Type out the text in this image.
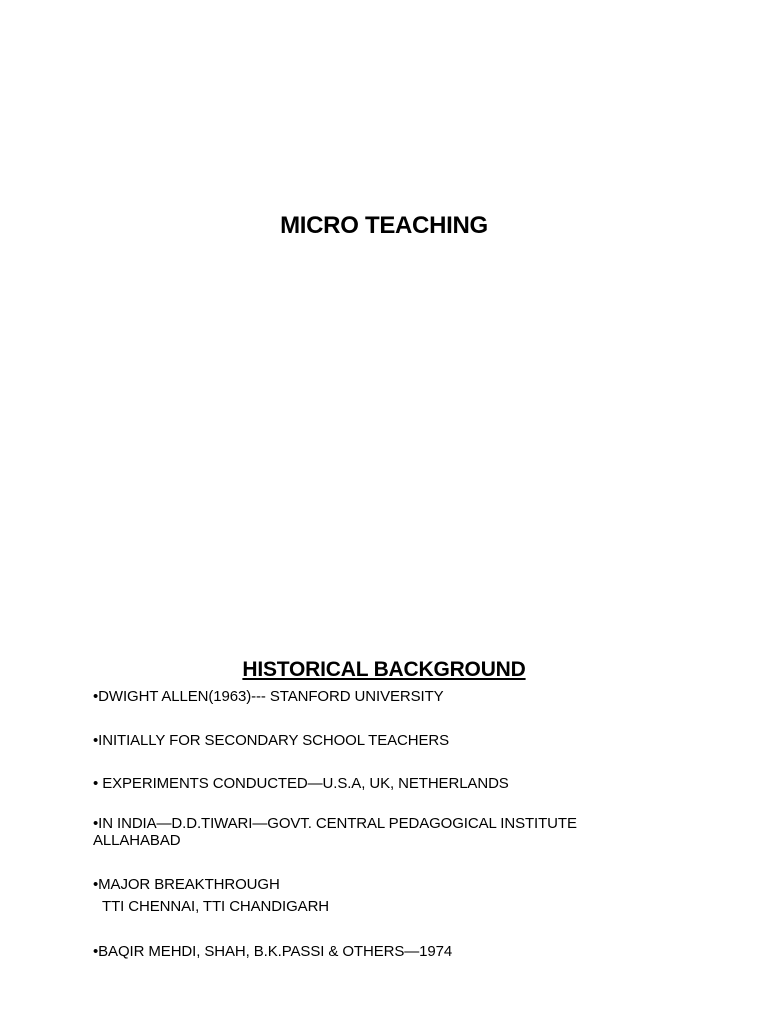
MICRO TEACHING
HISTORICAL BACKGROUND
•DWIGHT ALLEN(1963)--- STANFORD UNIVERSITY
•INITIALLY FOR SECONDARY SCHOOL TEACHERS
• EXPERIMENTS CONDUCTED—U.S.A, UK, NETHERLANDS
•IN INDIA—D.D.TIWARI—GOVT. CENTRAL PEDAGOGICAL INSTITUTE
ALLAHABAD
•MAJOR BREAKTHROUGH
TTI CHENNAI, TTI CHANDIGARH
•BAQIR MEHDI, SHAH, B.K.PASSI & OTHERS—1974
